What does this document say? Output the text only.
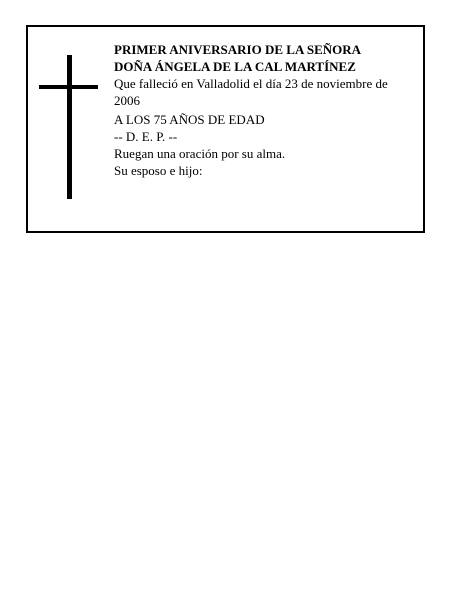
PRIMER ANIVERSARIO DE LA SEÑORA
DOÑA ÁNGELA DE LA CAL MARTÍNEZ
Que falleció en Valladolid el día 23 de noviembre de 2006
A LOS 75 AÑOS DE EDAD
-- D. E. P. --
Ruegan una oración por su alma.
Su esposo e hijo:
